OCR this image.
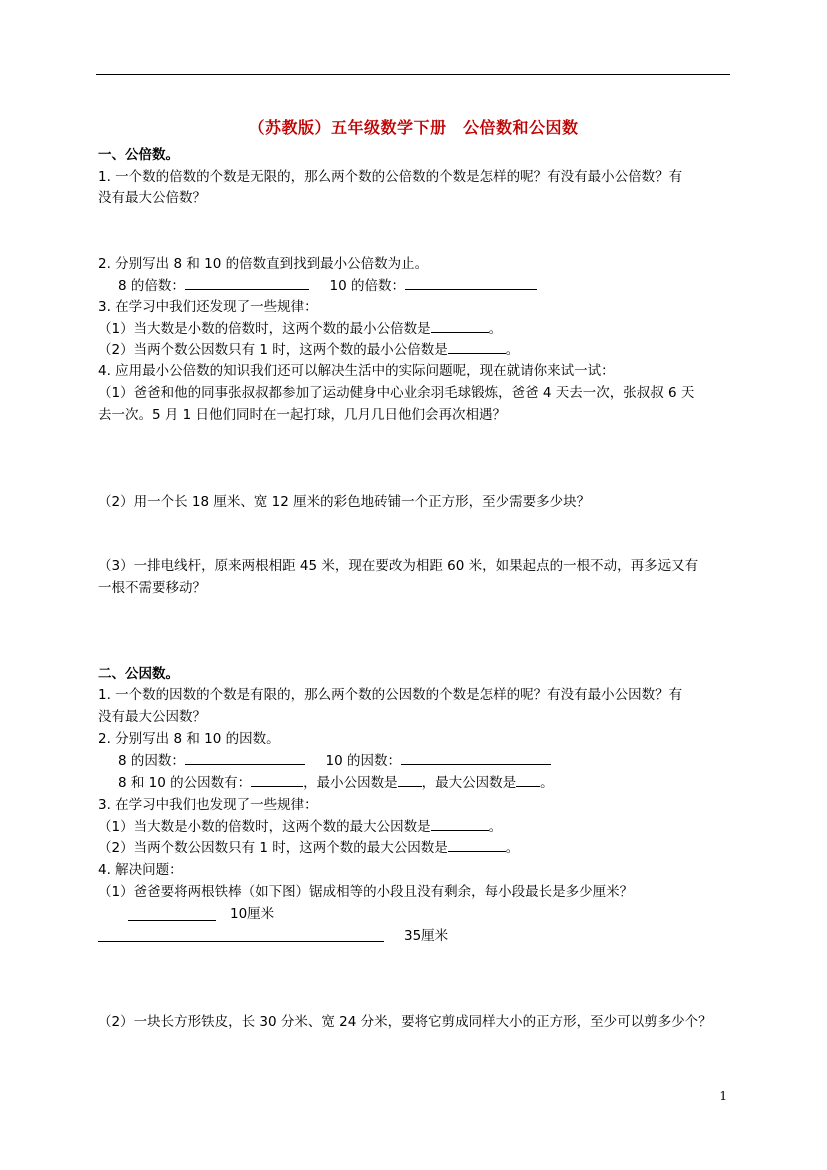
（苏教版）五年级数学下册　公倍数和公因数
一、公倍数。
1. 一个数的倍数的个数是无限的，那么两个数的公倍数的个数是怎样的呢？有没有最小公倍数？有
没有最大公倍数？
2. 分别写出 8 和 10 的倍数直到找到最小公倍数为止。
8 的倍数：	10 的倍数：
3. 在学习中我们还发现了一些规律：
（1）当大数是小数的倍数时，这两个数的最小公倍数是	。
（2）当两个数公因数只有 1 时，这两个数的最小公倍数是	。
4. 应用最小公倍数的知识我们还可以解决生活中的实际问题呢，现在就请你来试一试：
（1）爸爸和他的同事张叔叔都参加了运动健身中心业余羽毛球锻炼，爸爸 4 天去一次，张叔叔 6 天
去一次。5 月 1 日他们同时在一起打球，几月几日他们会再次相遇？
（2）用一个长 18 厘米、宽 12 厘米的彩色地砖铺一个正方形，至少需要多少块？
（3）一排电线杆，原来两根相距 45 米，现在要改为相距 60 米，如果起点的一根不动，再多远又有
一根不需要移动？
二、公因数。
1. 一个数的因数的个数是有限的，那么两个数的公因数的个数是怎样的呢？有没有最小公因数？有
没有最大公因数？
2. 分别写出 8 和 10 的因数。
8 的因数：	10 的因数：
8 和 10 的公因数有：	，最小公因数是 ，最大公因数是 。
3. 在学习中我们也发现了一些规律：
（1）当大数是小数的倍数时，这两个数的最大公因数是	。
（2）当两个数公因数只有 1 时，这两个数的最大公因数是	。
4. 解决问题：
（1）爸爸要将两根铁棒（如下图）锯成相等的小段且没有剩余，每小段最长是多少厘米？
10厘米
35厘米
（2）一块长方形铁皮，长 30 分米、宽 24 分米，要将它剪成同样大小的正方形，至少可以剪多少个？
1
